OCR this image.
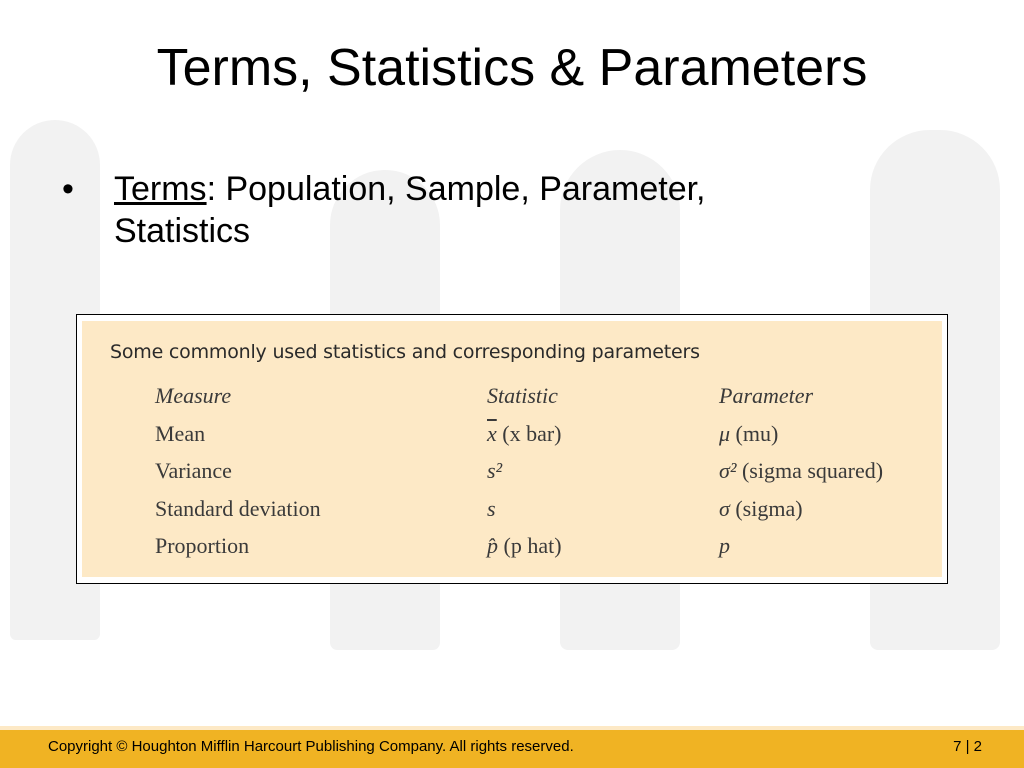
Terms, Statistics & Parameters
•	Terms: Population, Sample, Parameter, Statistics
Some commonly used statistics and corresponding parameters
Measure	Statistic	Parameter
Mean	$\overline{x}$ (x bar)	μ (mu)
Variance	s²	σ² (sigma squared)
Standard deviation	s	σ (sigma)
Proportion	p̂ (p hat)	p
Copyright © Houghton Mifflin Harcourt Publishing Company. All rights reserved.	7 | 2
